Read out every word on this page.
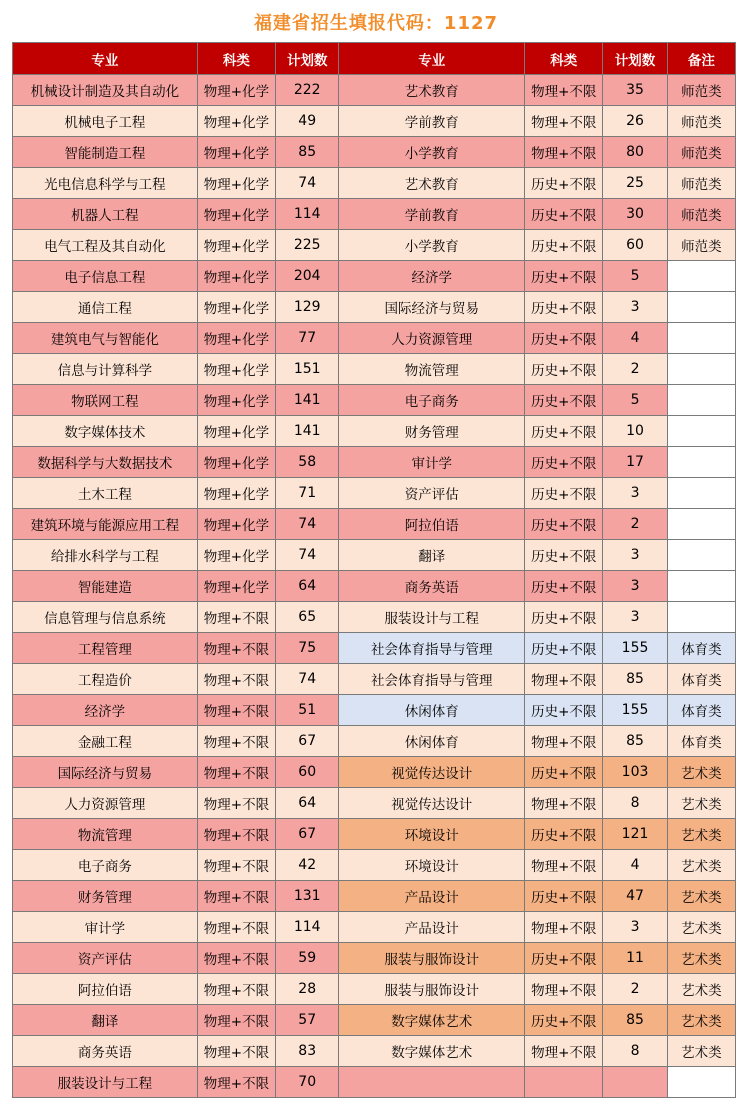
福建省招生填报代码：1127
专业	科类	计划数	专业	科类	计划数	备注
机械设计制造及其自动化	物理+化学	222	艺术教育	物理+不限	35	师范类
机械电子工程	物理+化学	49	学前教育	物理+不限	26	师范类
智能制造工程	物理+化学	85	小学教育	物理+不限	80	师范类
光电信息科学与工程	物理+化学	74	艺术教育	历史+不限	25	师范类
机器人工程	物理+化学	114	学前教育	历史+不限	30	师范类
电气工程及其自动化	物理+化学	225	小学教育	历史+不限	60	师范类
电子信息工程	物理+化学	204	经济学	历史+不限	5	
通信工程	物理+化学	129	国际经济与贸易	历史+不限	3	
建筑电气与智能化	物理+化学	77	人力资源管理	历史+不限	4	
信息与计算科学	物理+化学	151	物流管理	历史+不限	2	
物联网工程	物理+化学	141	电子商务	历史+不限	5	
数字媒体技术	物理+化学	141	财务管理	历史+不限	10	
数据科学与大数据技术	物理+化学	58	审计学	历史+不限	17	
土木工程	物理+化学	71	资产评估	历史+不限	3	
建筑环境与能源应用工程	物理+化学	74	阿拉伯语	历史+不限	2	
给排水科学与工程	物理+化学	74	翻译	历史+不限	3	
智能建造	物理+化学	64	商务英语	历史+不限	3	
信息管理与信息系统	物理+不限	65	服装设计与工程	历史+不限	3	
工程管理	物理+不限	75	社会体育指导与管理	历史+不限	155	体育类
工程造价	物理+不限	74	社会体育指导与管理	物理+不限	85	体育类
经济学	物理+不限	51	休闲体育	历史+不限	155	体育类
金融工程	物理+不限	67	休闲体育	物理+不限	85	体育类
国际经济与贸易	物理+不限	60	视觉传达设计	历史+不限	103	艺术类
人力资源管理	物理+不限	64	视觉传达设计	物理+不限	8	艺术类
物流管理	物理+不限	67	环境设计	历史+不限	121	艺术类
电子商务	物理+不限	42	环境设计	物理+不限	4	艺术类
财务管理	物理+不限	131	产品设计	历史+不限	47	艺术类
审计学	物理+不限	114	产品设计	物理+不限	3	艺术类
资产评估	物理+不限	59	服装与服饰设计	历史+不限	11	艺术类
阿拉伯语	物理+不限	28	服装与服饰设计	物理+不限	2	艺术类
翻译	物理+不限	57	数字媒体艺术	历史+不限	85	艺术类
商务英语	物理+不限	83	数字媒体艺术	物理+不限	8	艺术类
服装设计与工程	物理+不限	70				
